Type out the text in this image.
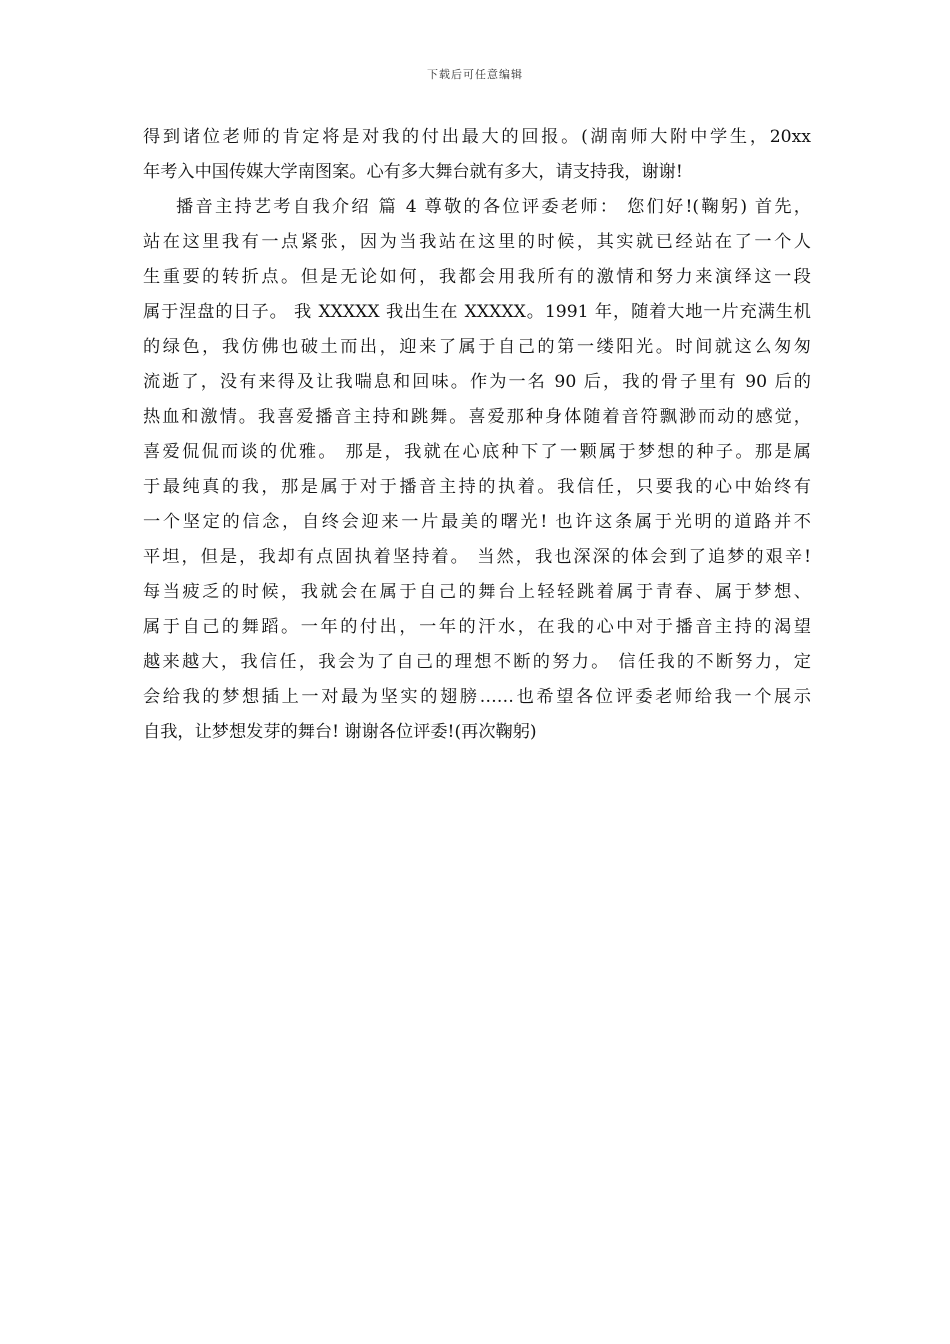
下载后可任意编辑
得到诸位老师的肯定将是对我的付出最大的回报。(湖南师大附中学生，20xx
年考入中国传媒大学南图案。心有多大舞台就有多大，请支持我，谢谢!
播音主持艺考自我介绍 篇 4 尊敬的各位评委老师： 您们好!(鞠躬) 首先，
站在这里我有一点紧张，因为当我站在这里的时候，其实就已经站在了一个人
生重要的转折点。但是无论如何，我都会用我所有的激情和努力来演绎这一段
属于涅盘的日子。 我 XXXXX 我出生在 XXXXX。1991 年，随着大地一片充满生机
的绿色，我仿佛也破土而出，迎来了属于自己的第一缕阳光。时间就这么匆匆
流逝了，没有来得及让我喘息和回味。作为一名 90 后，我的骨子里有 90 后的
热血和激情。我喜爱播音主持和跳舞。喜爱那种身体随着音符飘渺而动的感觉，
喜爱侃侃而谈的优雅。 那是，我就在心底种下了一颗属于梦想的种子。那是属
于最纯真的我，那是属于对于播音主持的执着。我信任，只要我的心中始终有
一个坚定的信念，自终会迎来一片最美的曙光! 也许这条属于光明的道路并不
平坦，但是，我却有点固执着坚持着。 当然，我也深深的体会到了追梦的艰辛!
每当疲乏的时候，我就会在属于自己的舞台上轻轻跳着属于青春、属于梦想、
属于自己的舞蹈。一年的付出，一年的汗水，在我的心中对于播音主持的渴望
越来越大，我信任，我会为了自己的理想不断的努力。 信任我的不断努力，定
会给我的梦想插上一对最为坚实的翅膀……也希望各位评委老师给我一个展示
自我，让梦想发芽的舞台! 谢谢各位评委!(再次鞠躬)
